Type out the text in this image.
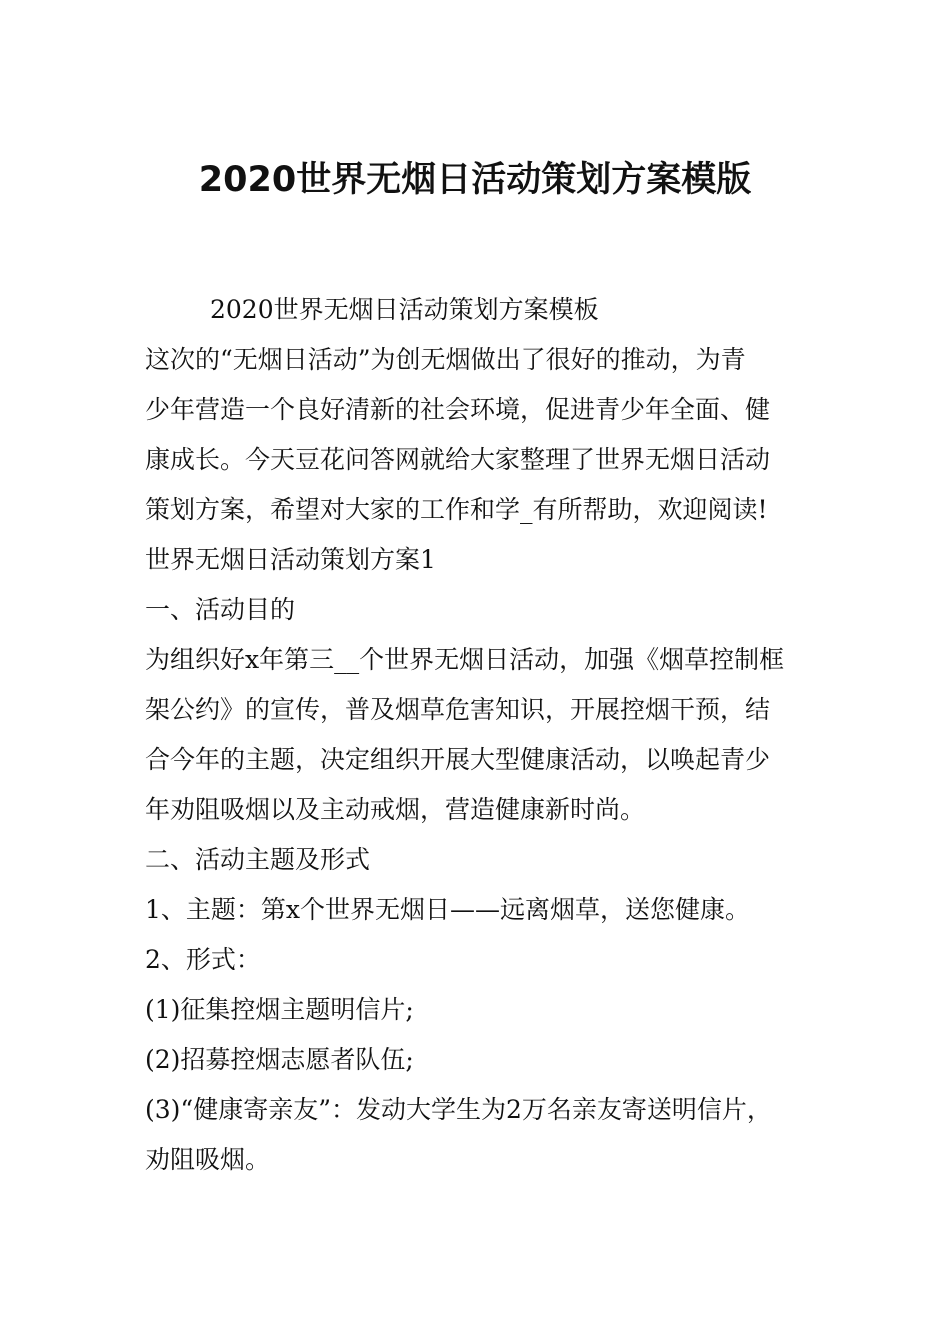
2020世界无烟日活动策划方案模版
2020世界无烟日活动策划方案模板
这次的“无烟日活动”为创无烟做出了很好的推动，为青
少年营造一个良好清新的社会环境，促进青少年全面、健
康成长。今天豆花问答网就给大家整理了世界无烟日活动
策划方案，希望对大家的工作和学_有所帮助，欢迎阅读!
世界无烟日活动策划方案1
一、活动目的
为组织好x年第三__个世界无烟日活动，加强《烟草控制框
架公约》的宣传，普及烟草危害知识，开展控烟干预，结
合今年的主题，决定组织开展大型健康活动，以唤起青少
年劝阻吸烟以及主动戒烟，营造健康新时尚。
二、活动主题及形式
1、主题：第x个世界无烟日——远离烟草，送您健康。
2、形式：
(1)征集控烟主题明信片;
(2)招募控烟志愿者队伍;
(3)“健康寄亲友”：发动大学生为2万名亲友寄送明信片，
劝阻吸烟。
